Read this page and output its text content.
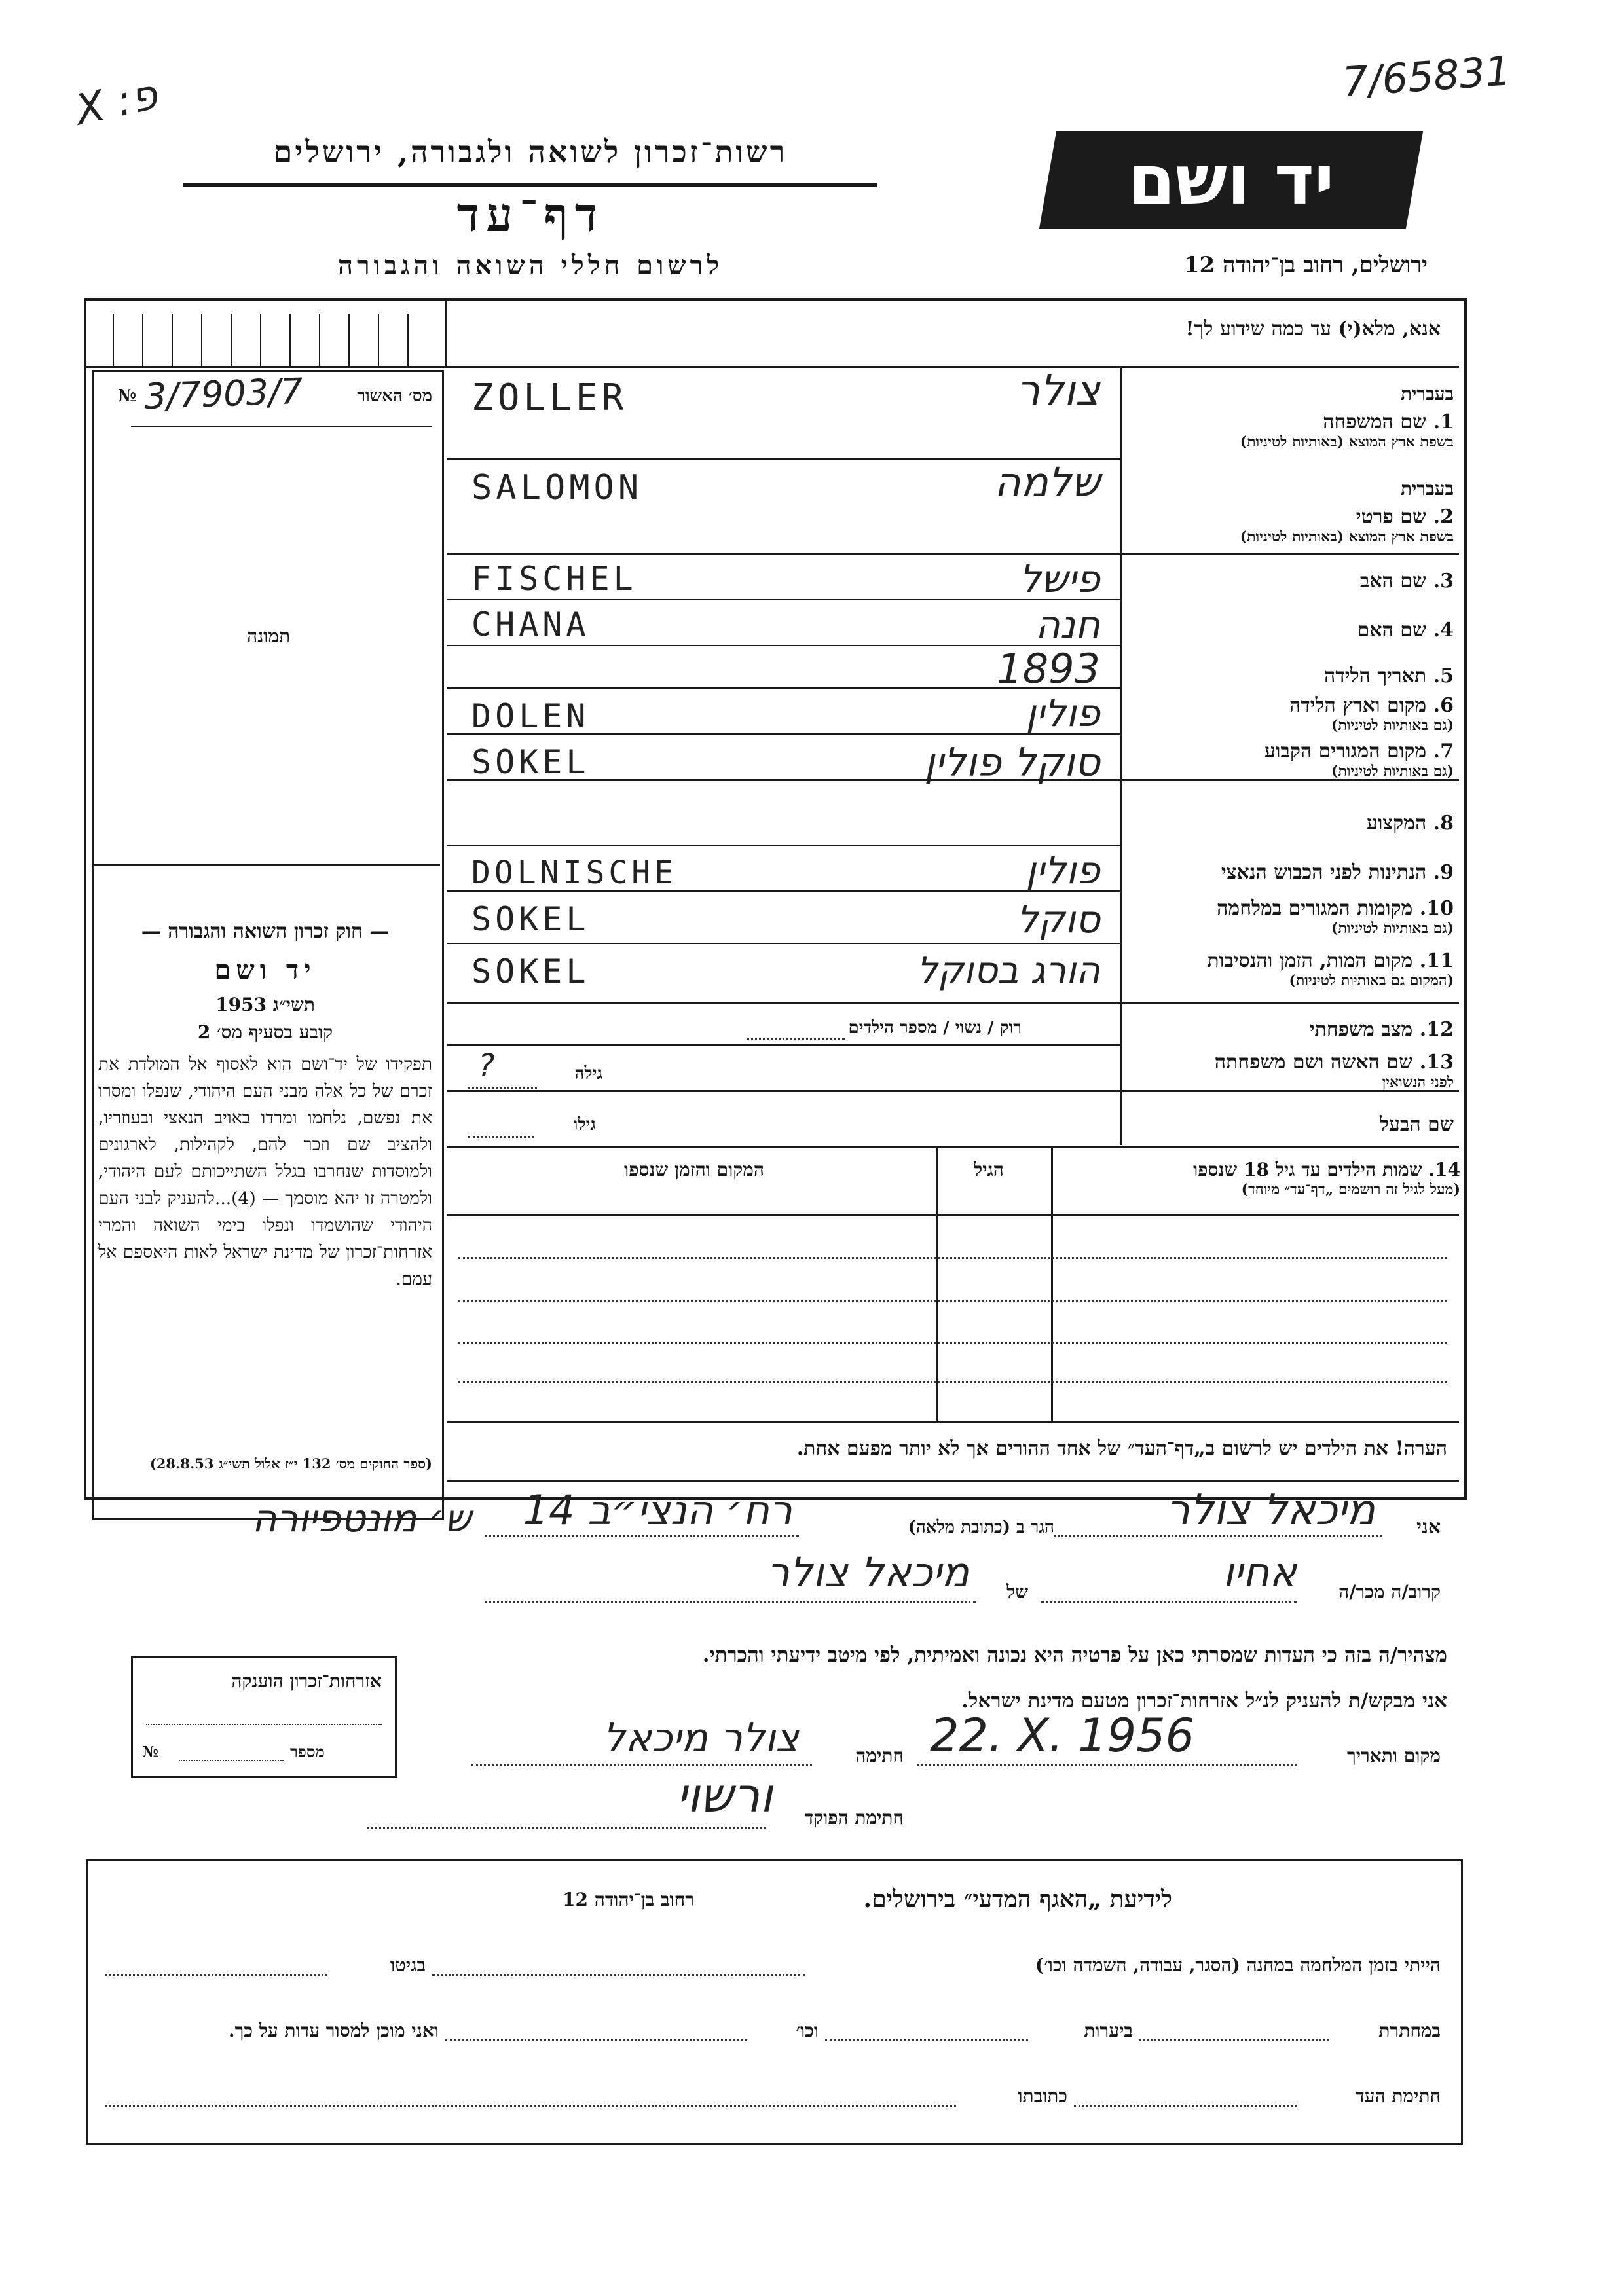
X :פ	7/65831
רשות־זכרון לשואה ולגבורה, ירושלים
דף־עד
לרשום חללי השואה והגבורה
יד ושם
ירושלים, רחוב בן־יהודה 12
אנא, מלא(י) עד כמה שידוע לך!
№ 3/7903/7	מס׳ האשור
תמונה
— חוק זכרון השואה והגבורה —
יד ושם
תשי״ג 1953
קובע בסעיף מס׳ 2
תפקידו של יד־ושם הוא לאסוף אל המולדת את זכרם של כל אלה מבני העם היהודי, שנפלו ומסרו את נפשם, נלחמו ומרדו באויב הנאצי ובעוזריו, ולהציב שם וזכר להם, לקהילות, לארגונים ולמוסדות שנחרבו בגלל השתייכותם לעם היהודי, ולמטרה זו יהא מוסמך — (4)...להעניק לבני העם היהודי שהושמדו ונפלו בימי השואה והמרי אזרחות־זכרון של מדינת ישראל לאות היאספם אל עמם.
(ספר החוקים מס׳ 132 י״ז אלול תשי״ג 28.8.53)
בעברית
1. שם המשפחה
בשפת ארץ המוצא (באותיות לטיניות)
ZOLLER	צולר
בעברית
2. שם פרטי
בשפת ארץ המוצא (באותיות לטיניות)
SALOMON	שלמה
3. שם האב
FISCHEL	פישל
4. שם האם
CHANA	חנה
5. תאריך הלידה
1893
6. מקום וארץ הלידה
(גם באותיות לטיניות)
DOLEN	פולין
7. מקום המגורים הקבוע
(גם באותיות לטיניות)
SOKEL	סוקל פולין
8. המקצוע
9. הנתינות לפני הכבוש הנאצי
DOLNISCHE	פולין
10. מקומות המגורים במלחמה
(גם באותיות לטיניות)
SOKEL	סוקל
11. מקום המות, הזמן והנסיבות
(המקום גם באותיות לטיניות)
SOKEL	הורג בסוקל
12. מצב משפחתי
רוק / נשוי / מספר הילדים
13. שם האשה ושם משפחתה
לפני הנשואין
גילה
?
שם הבעל
גילו
14. שמות הילדים עד גיל 18 שנספו
(מעל לגיל זה רושמים „דף־עד״ מיוחד)
הגיל
המקום והזמן שנספו
הערה! את הילדים יש לרשום ב„דף־העד״ של אחד ההורים אך לא יותר מפעם אחת.
אני
מיכאל צולר
הגר ב (כתובת מלאה)
רח׳ הנצי״ב 14
ש׳ מונטפיורה
קרוב/ה מכר/ה
אחיו
של
מיכאל צולר
מצהיר/ה בזה כי העדות שמסרתי כאן על פרטיה היא נכונה ואמיתית, לפי מיטב ידיעתי והכרתי.
אני מבקש/ת להעניק לנ״ל אזרחות־זכרון מטעם מדינת ישראל.
מקום ותאריך
22. X. 1956
חתימה
צולר מיכאל
חתימת הפוקד
ורשוי
אזרחות־זכרון הוענקה
№	מספר
לידיעת „האגף המדעי״ בירושלים.
רחוב בן־יהודה 12
הייתי בזמן המלחמה במחנה (הסגר, עבודה, השמדה וכו׳)
בגיטו
במחתרת
ביערות
וכו׳
ואני מוכן למסור עדות על כך.
חתימת העד
כתובתו
